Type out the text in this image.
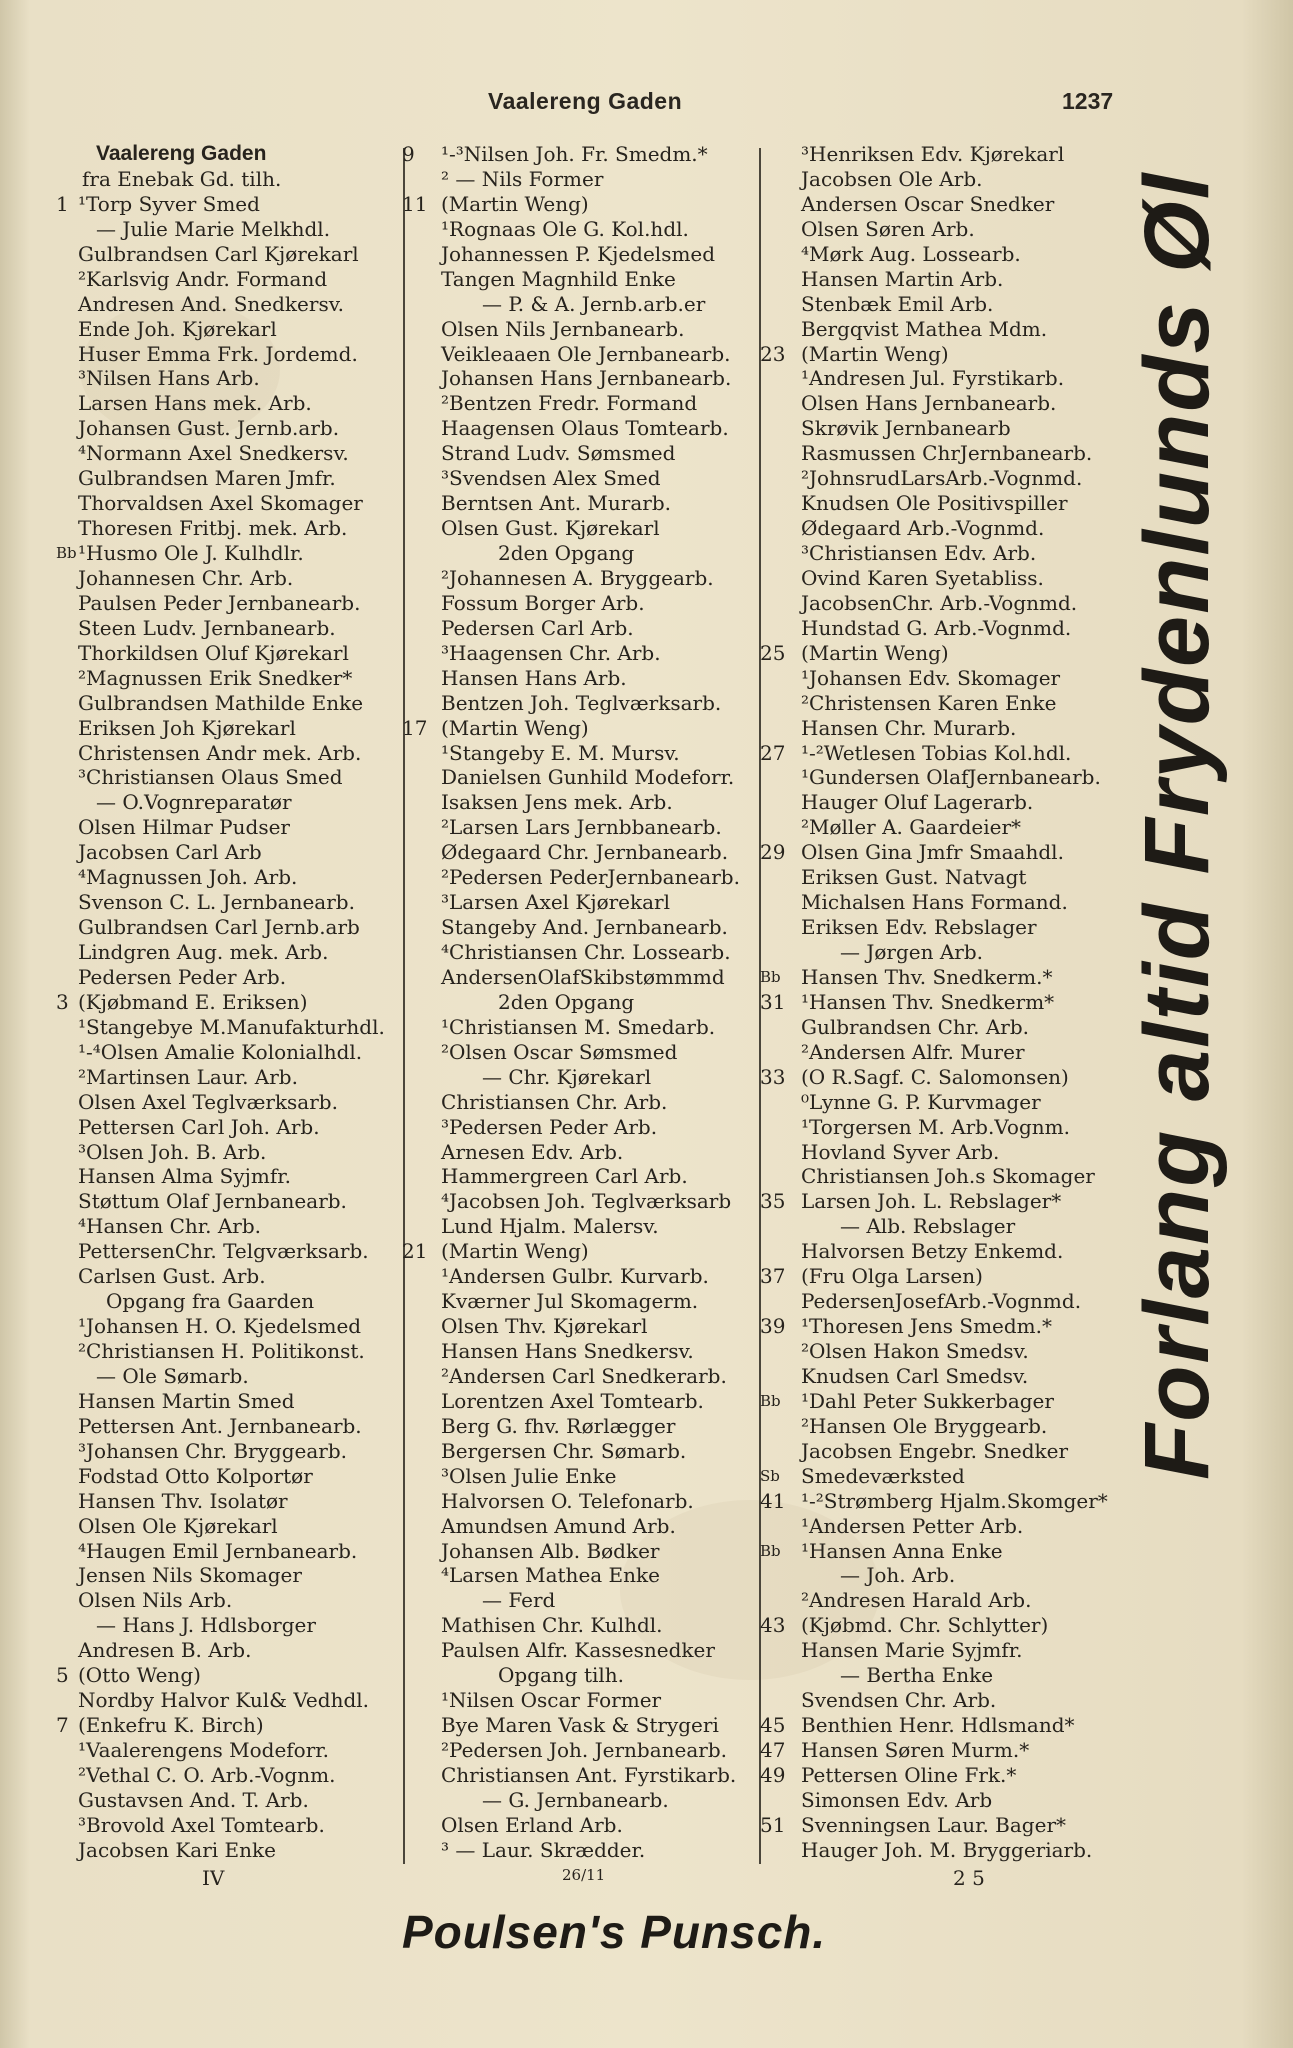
Vaalereng Gaden	1237
Vaalereng Gaden
fra Enebak Gd. tilh.
1 ¹Torp Syver Smed
— Julie Marie Melkhdl.
Gulbrandsen Carl Kjørekarl
²Karlsvig Andr. Formand
Andresen And. Snedkersv.
Ende Joh. Kjørekarl
Huser Emma Frk. Jordemd.
³Nilsen Hans Arb.
Larsen Hans mek. Arb.
Johansen Gust. Jernb.arb.
⁴Normann Axel Snedkersv.
Gulbrandsen Maren Jmfr.
Thorvaldsen Axel Skomager
Thoresen Fritbj. mek. Arb.
Bb ¹Husmo Ole J. Kulhdlr.
Johannesen Chr. Arb.
Paulsen Peder Jernbanearb.
Steen Ludv. Jernbanearb.
Thorkildsen Oluf Kjørekarl
²Magnussen Erik Snedker*
Gulbrandsen Mathilde Enke
Eriksen Joh Kjørekarl
Christensen Andr mek. Arb.
³Christiansen Olaus Smed
— O.Vognreparatør
Olsen Hilmar Pudser
Jacobsen Carl Arb
⁴Magnussen Joh. Arb.
Svenson C. L. Jernbanearb.
Gulbrandsen Carl Jernb.arb
Lindgren Aug. mek. Arb.
Pedersen Peder Arb.
3 (Kjøbmand E. Eriksen)
¹Stangebye M.Manufakturhdl.
¹-⁴Olsen Amalie Kolonialhdl.
²Martinsen Laur. Arb.
Olsen Axel Teglværksarb.
Pettersen Carl Joh. Arb.
³Olsen Joh. B. Arb.
Hansen Alma Syjmfr.
Støttum Olaf Jernbanearb.
⁴Hansen Chr. Arb.
PettersenChr. Telgværksarb.
Carlsen Gust. Arb.
Opgang fra Gaarden
¹Johansen H. O. Kjedelsmed
²Christiansen H. Politikonst.
— Ole Sømarb.
Hansen Martin Smed
Pettersen Ant. Jernbanearb.
³Johansen Chr. Bryggearb.
Fodstad Otto Kolportør
Hansen Thv. Isolatør
Olsen Ole Kjørekarl
⁴Haugen Emil Jernbanearb.
Jensen Nils Skomager
Olsen Nils Arb.
— Hans J. Hdlsborger
Andresen B. Arb.
5 (Otto Weng)
Nordby Halvor Kul& Vedhdl.
7 (Enkefru K. Birch)
¹Vaalerengens Modeforr.
²Vethal C. O. Arb.-Vognm.
Gustavsen And. T. Arb.
³Brovold Axel Tomtearb.
Jacobsen Kari Enke
9	¹-³Nilsen Joh. Fr. Smedm.*
² — Nils Former
11 (Martin Weng)
¹Rognaas Ole G. Kol.hdl.
Johannessen P. Kjedelsmed
Tangen Magnhild Enke
— P. & A. Jernb.arb.er
Olsen Nils Jernbanearb.
Veikleaaen Ole Jernbanearb.
Johansen Hans Jernbanearb.
²Bentzen Fredr. Formand
Haagensen Olaus Tomtearb.
Strand Ludv. Sømsmed
³Svendsen Alex Smed
Berntsen Ant. Murarb.
Olsen Gust. Kjørekarl
2den Opgang
²Johannesen A. Bryggearb.
Fossum Borger Arb.
Pedersen Carl Arb.
³Haagensen Chr. Arb.
Hansen Hans Arb.
Bentzen Joh. Teglværksarb.
17 (Martin Weng)
¹Stangeby E. M. Mursv.
Danielsen Gunhild Modeforr.
Isaksen Jens mek. Arb.
²Larsen Lars Jernbbanearb.
Ødegaard Chr. Jernbanearb.
²Pedersen PederJernbanearb.
³Larsen Axel Kjørekarl
Stangeby And. Jernbanearb.
⁴Christiansen Chr. Lossearb.
AndersenOlafSkibstømmmd
2den Opgang
¹Christiansen M. Smedarb.
²Olsen Oscar Sømsmed
— Chr. Kjørekarl
Christiansen Chr. Arb.
³Pedersen Peder Arb.
Arnesen Edv. Arb.
Hammergreen Carl Arb.
⁴Jacobsen Joh. Teglværksarb
Lund Hjalm. Malersv.
21 (Martin Weng)
¹Andersen Gulbr. Kurvarb.
Kværner Jul Skomagerm.
Olsen Thv. Kjørekarl
Hansen Hans Snedkersv.
²Andersen Carl Snedkerarb.
Lorentzen Axel Tomtearb.
Berg G. fhv. Rørlægger
Bergersen Chr. Sømarb.
³Olsen Julie Enke
Halvorsen O. Telefonarb.
Amundsen Amund Arb.
Johansen Alb. Bødker
⁴Larsen Mathea Enke
— Ferd
Mathisen Chr. Kulhdl.
Paulsen Alfr. Kassesnedker
Opgang tilh.
¹Nilsen Oscar Former
Bye Maren Vask & Strygeri
²Pedersen Joh. Jernbanearb.
Christiansen Ant. Fyrstikarb.
— G. Jernbanearb.
Olsen Erland Arb.
³ — Laur. Skrædder.
³Henriksen Edv. Kjørekarl
Jacobsen Ole Arb.
Andersen Oscar Snedker
Olsen Søren Arb.
⁴Mørk Aug. Lossearb.
Hansen Martin Arb.
Stenbæk Emil Arb.
Bergqvist Mathea Mdm.
23 (Martin Weng)
¹Andresen Jul. Fyrstikarb.
Olsen Hans Jernbanearb.
Skrøvik Jernbanearb
Rasmussen ChrJernbanearb.
²JohnsrudLarsArb.-Vognmd.
Knudsen Ole Positivspiller
Ødegaard Arb.-Vognmd.
³Christiansen Edv. Arb.
Ovind Karen Syetabliss.
JacobsenChr. Arb.-Vognmd.
Hundstad G. Arb.-Vognmd.
25 (Martin Weng)
¹Johansen Edv. Skomager
²Christensen Karen Enke
Hansen Chr. Murarb.
27 ¹-²Wetlesen Tobias Kol.hdl.
¹Gundersen OlafJernbanearb.
Hauger Oluf Lagerarb.
²Møller A. Gaardeier*
29 Olsen Gina Jmfr Smaahdl.
Eriksen Gust. Natvagt
Michalsen Hans Formand.
Eriksen Edv. Rebslager
— Jørgen Arb.
Bb	Hansen Thv. Snedkerm.*
31 ¹Hansen Thv. Snedkerm*
Gulbrandsen Chr. Arb.
²Andersen Alfr. Murer
33 (O R.Sagf. C. Salomonsen)
⁰Lynne G. P. Kurvmager
¹Torgersen M. Arb.Vognm.
Hovland Syver Arb.
Christiansen Joh.s Skomager
35 Larsen Joh. L. Rebslager*
— Alb. Rebslager
Halvorsen Betzy Enkemd.
37 (Fru Olga Larsen)
PedersenJosefArb.-Vognmd.
39 ¹Thoresen Jens Smedm.*
²Olsen Hakon Smedsv.
Knudsen Carl Smedsv.
Bb	¹Dahl Peter Sukkerbager
²Hansen Ole Bryggearb.
Jacobsen Engebr. Snedker
Sb	Smedeværksted
41 ¹-²Strømberg Hjalm.Skomger*
¹Andersen Petter Arb.
Bb	¹Hansen Anna Enke
— Joh. Arb.
²Andresen Harald Arb.
43 (Kjøbmd. Chr. Schlytter)
Hansen Marie Syjmfr.
— Bertha Enke
Svendsen Chr. Arb.
45 Benthien Henr. Hdlsmand*
47 Hansen Søren Murm.*
49 Pettersen Oline Frk.*
Simonsen Edv. Arb
51 Svenningsen Laur. Bager*
Hauger Joh. M. Bryggeriarb.
IV	26/11	2 5
Poulsen's Punsch.
Forlang altid Frydenlunds Øl
